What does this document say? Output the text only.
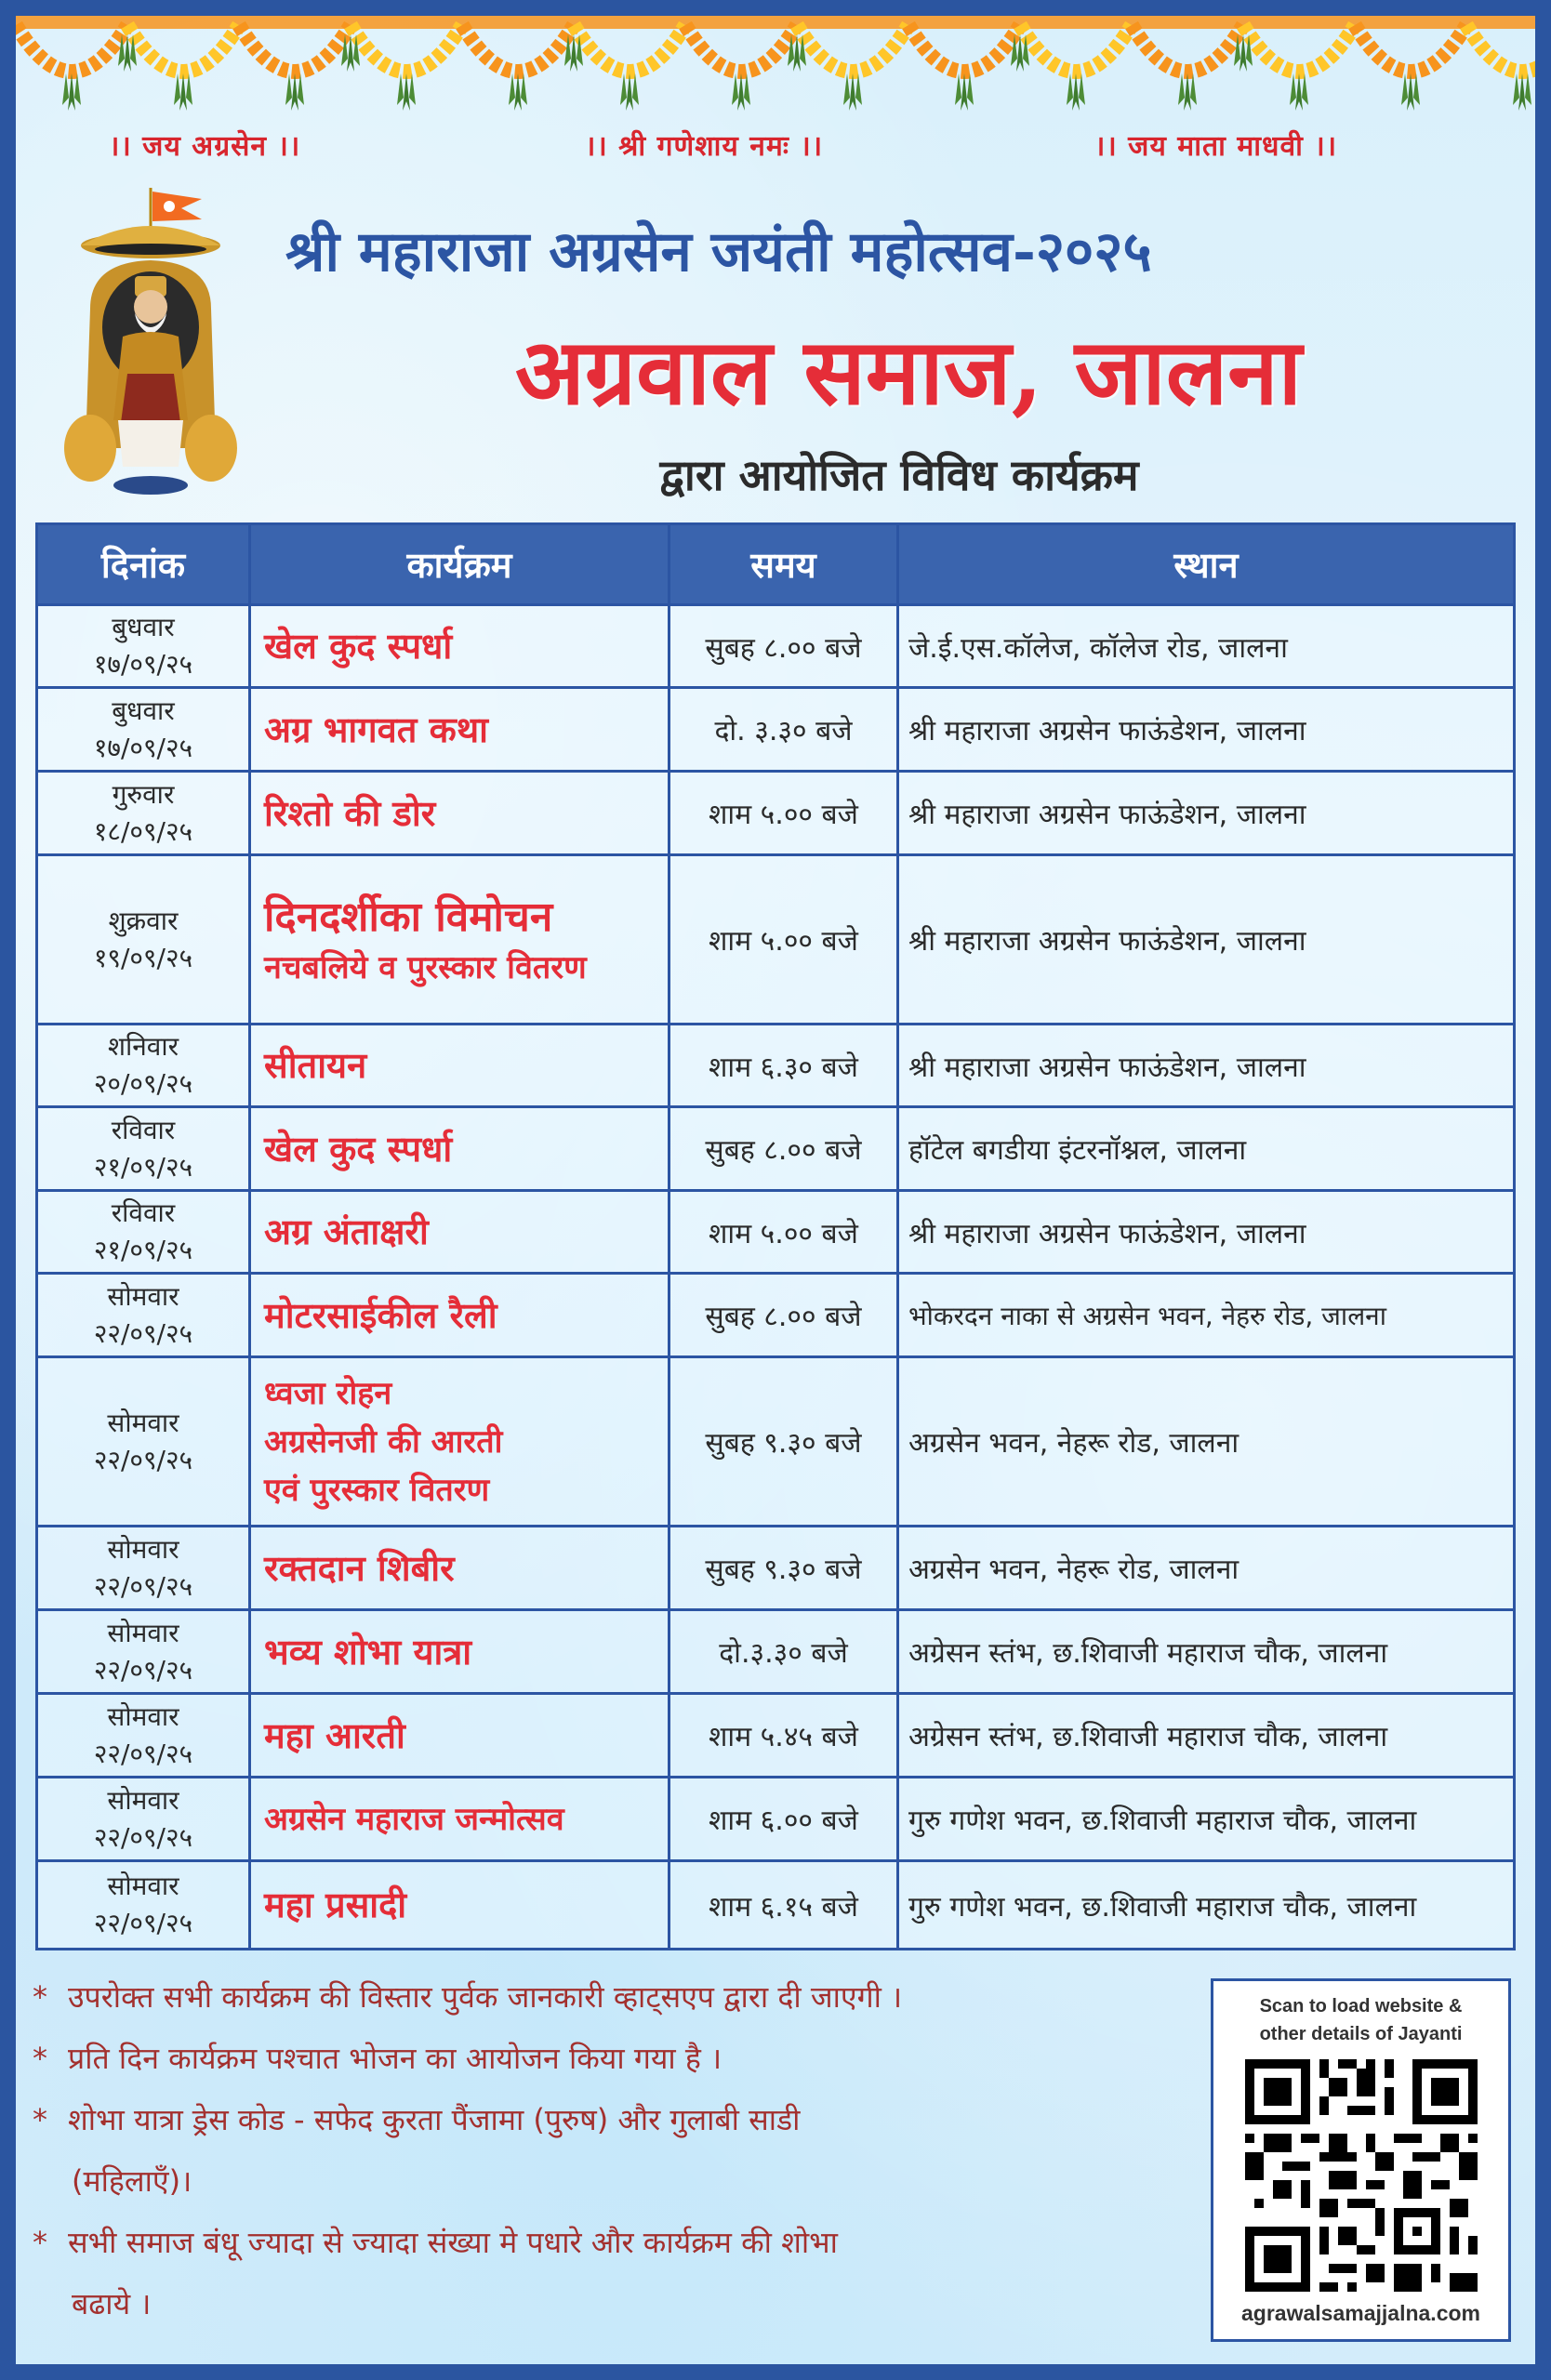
।। जय अग्रसेन ।।	।। श्री गणेशाय नमः ।।	।। जय माता माधवी ।।
श्री महाराजा अग्रसेन जयंती महोत्सव-२०२५
अग्रवाल समाज, जालना
द्वारा आयोजित विविध कार्यक्रम
दिनांक	कार्यक्रम	समय	स्थान

बुधवार
१७/०९/२५	खेल कुद स्पर्धा	सुबह ८.०० बजे	जे.ई.एस.कॉलेज, कॉलेज रोड, जालना

बुधवार
१७/०९/२५	अग्र भागवत कथा	दो. ३.३० बजे	श्री महाराजा अग्रसेन फाऊंडेशन, जालना

गुरुवार
१८/०९/२५	रिश्तो की डोर	शाम ५.०० बजे	श्री महाराजा अग्रसेन फाऊंडेशन, जालना

शुक्रवार
१९/०९/२५	दिनदर्शीका विमोचन
नचबलिये व पुरस्कार वितरण	शाम ५.०० बजे	श्री महाराजा अग्रसेन फाऊंडेशन, जालना

शनिवार
२०/०९/२५	सीतायन	शाम ६.३० बजे	श्री महाराजा अग्रसेन फाऊंडेशन, जालना

रविवार
२१/०९/२५	खेल कुद स्पर्धा	सुबह ८.०० बजे	हॉटेल बगडीया इंटरनॉश्नल, जालना

रविवार
२१/०९/२५	अग्र अंताक्षरी	शाम ५.०० बजे	श्री महाराजा अग्रसेन फाऊंडेशन, जालना

सोमवार
२२/०९/२५	मोटरसाईकील रैली	सुबह ८.०० बजे	भोकरदन नाका से अग्रसेन भवन, नेहरु रोड, जालना

सोमवार
२२/०९/२५	ध्वजा रोहन
अग्रसेनजी की आरती
एवं पुरस्कार वितरण	सुबह ९.३० बजे	अग्रसेन भवन, नेहरू रोड, जालना

सोमवार
२२/०९/२५	रक्तदान शिबीर	सुबह ९.३० बजे	अग्रसेन भवन, नेहरू रोड, जालना

सोमवार
२२/०९/२५	भव्य शोभा यात्रा	दो.३.३० बजे	अग्रेसन स्तंभ, छ.शिवाजी महाराज चौक, जालना

सोमवार
२२/०९/२५	महा आरती	शाम ५.४५ बजे	अग्रेसन स्तंभ, छ.शिवाजी महाराज चौक, जालना

सोमवार
२२/०९/२५	अग्रसेन महाराज जन्मोत्सव	शाम ६.०० बजे	गुरु गणेश भवन, छ.शिवाजी महाराज चौक, जालना

सोमवार
२२/०९/२५	महा प्रसादी	शाम ६.१५ बजे	गुरु गणेश भवन, छ.शिवाजी महाराज चौक, जालना
* उपरोक्त सभी कार्यक्रम की विस्तार पुर्वक जानकारी व्हाट्सएप द्वारा दी जाएगी ।
* प्रति दिन कार्यक्रम पश्चात भोजन का आयोजन किया गया है ।
* शोभा यात्रा ड्रेस कोड - सफेद कुरता पैंजामा (पुरुष) और गुलाबी साडी
(महिलाएँ)।
* सभी समाज बंधू ज्यादा से ज्यादा संख्या मे पधारे और कार्यक्रम की शोभा
बढाये ।
Scan to load website &
other details of Jayanti
agrawalsamajjalna.com
